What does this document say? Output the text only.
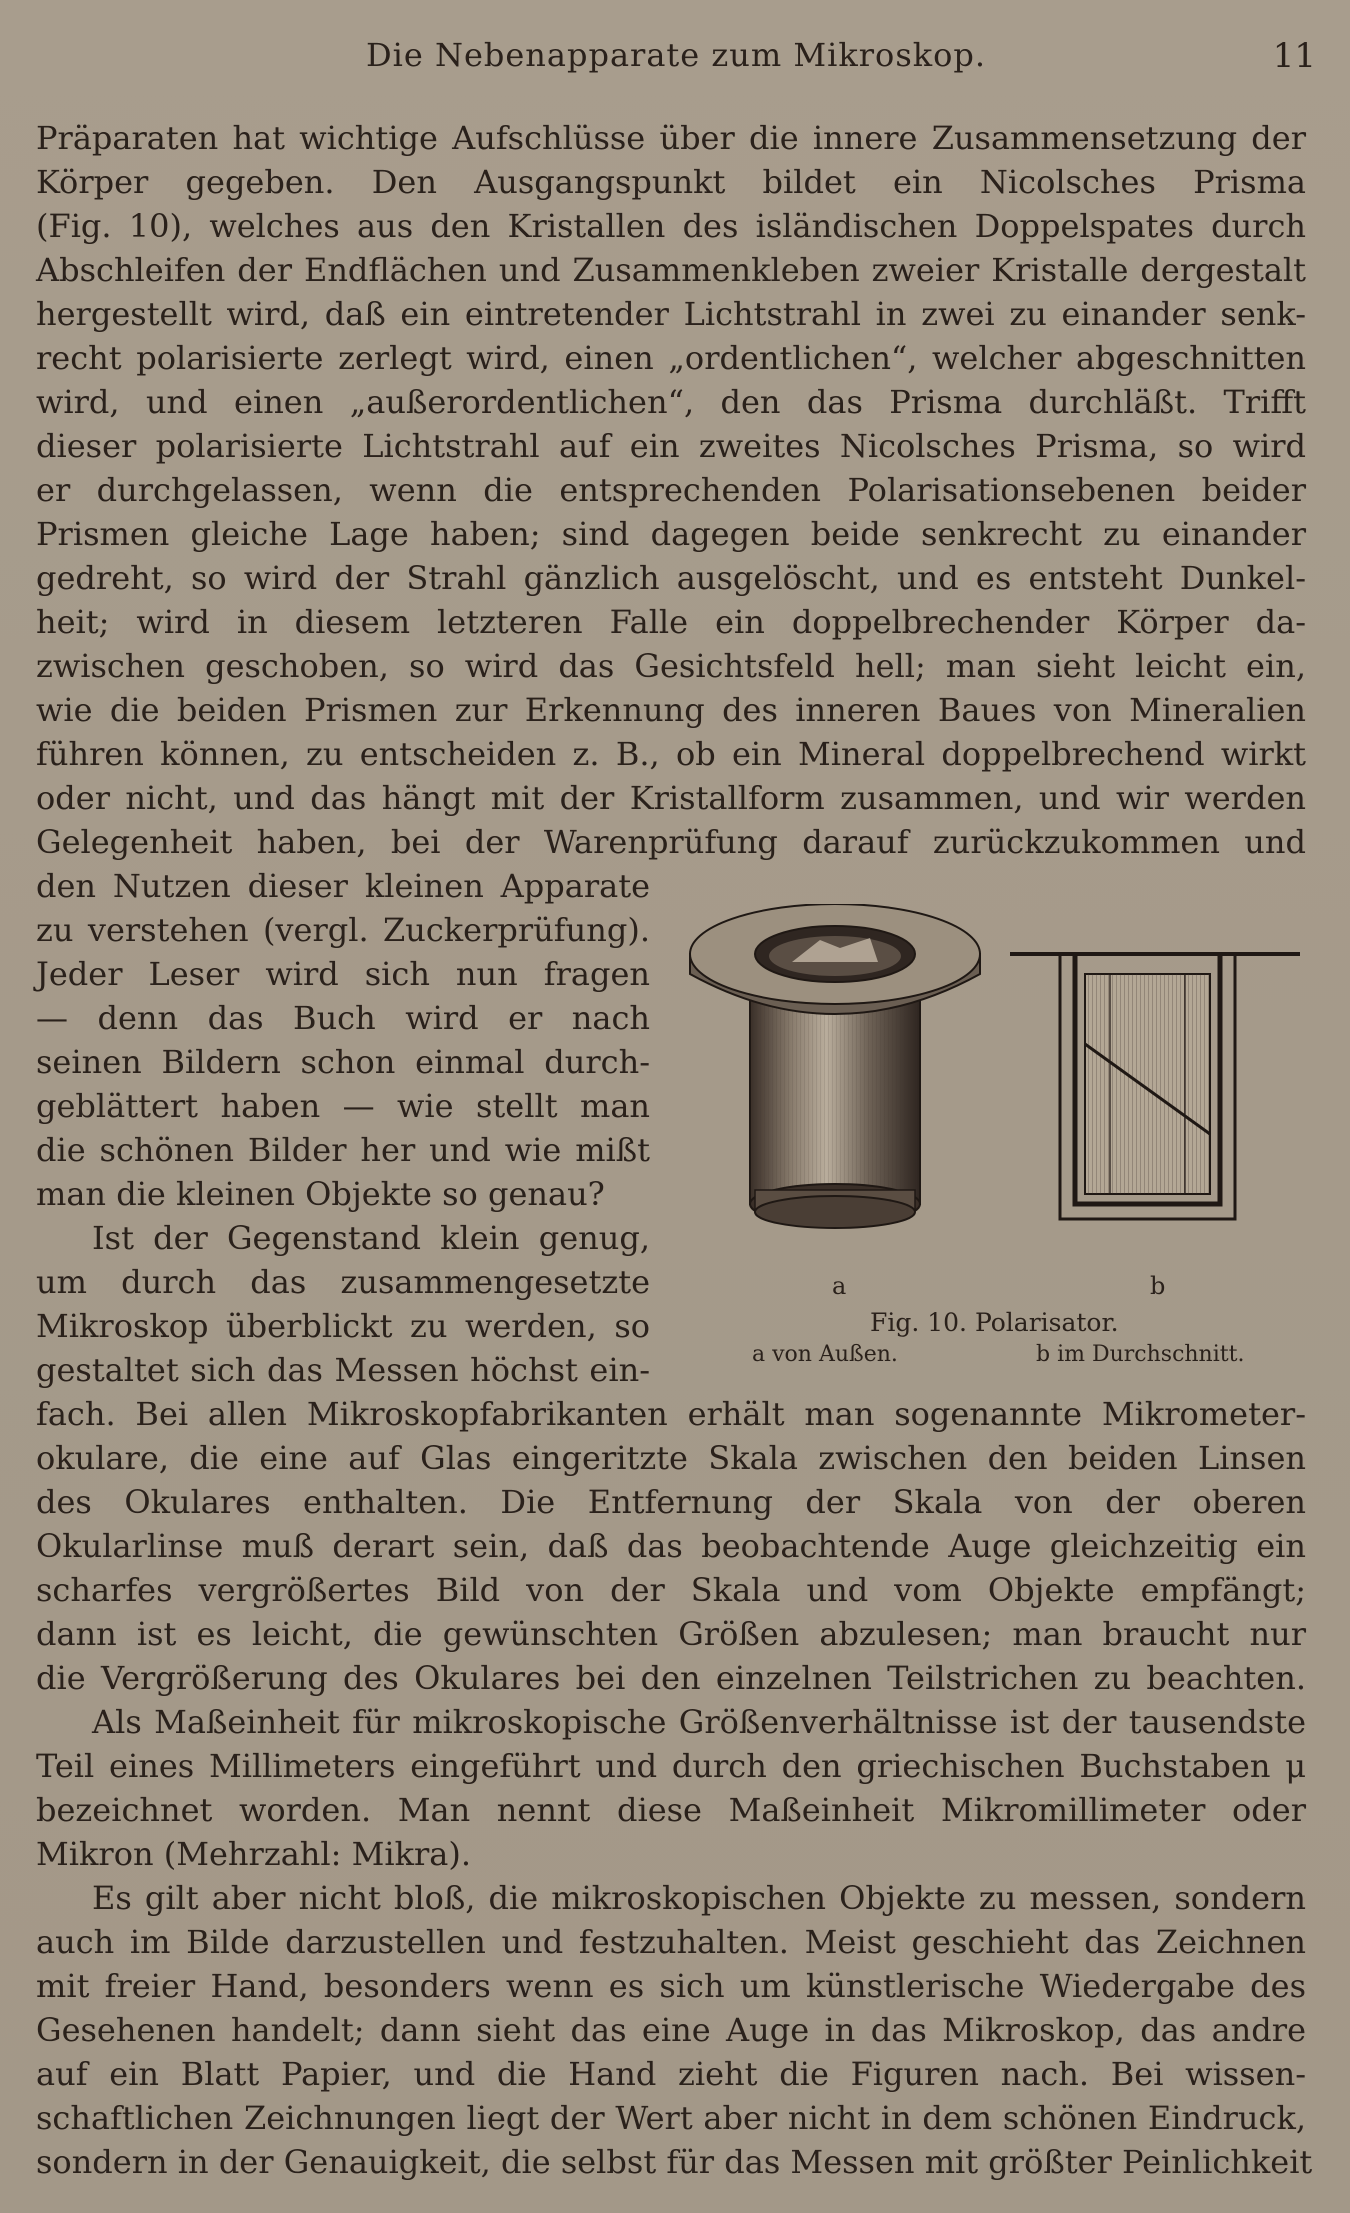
Die Nebenapparate zum Mikroskop.	11
Präparaten hat wichtige Aufschlüsse über die innere Zusammensetzung der
Körper gegeben. Den Ausgangspunkt bildet ein Nicolsches Prisma
(Fig. 10), welches aus den Kristallen des isländischen Doppelspates durch
Abschleifen der Endflächen und Zusammenkleben zweier Kristalle dergestalt
hergestellt wird, daß ein eintretender Lichtstrahl in zwei zu einander senk-
recht polarisierte zerlegt wird, einen „ordentlichen“, welcher abgeschnitten
wird, und einen „außerordentlichen“, den das Prisma durchläßt. Trifft
dieser polarisierte Lichtstrahl auf ein zweites Nicolsches Prisma, so wird
er durchgelassen, wenn die entsprechenden Polarisationsebenen beider
Prismen gleiche Lage haben; sind dagegen beide senkrecht zu einander
gedreht, so wird der Strahl gänzlich ausgelöscht, und es entsteht Dunkel-
heit; wird in diesem letzteren Falle ein doppelbrechender Körper da-
zwischen geschoben, so wird das Gesichtsfeld hell; man sieht leicht ein,
wie die beiden Prismen zur Erkennung des inneren Baues von Mineralien
führen können, zu entscheiden z. B., ob ein Mineral doppelbrechend wirkt
oder nicht, und das hängt mit der Kristallform zusammen, und wir werden
Gelegenheit haben, bei der Warenprüfung darauf zurückzukommen und
den Nutzen dieser kleinen Apparate
zu verstehen (vergl. Zuckerprüfung).
Jeder Leser wird sich nun fragen
— denn das Buch wird er nach
seinen Bildern schon einmal durch-
geblättert haben — wie stellt man
die schönen Bilder her und wie mißt
man die kleinen Objekte so genau?
Ist der Gegenstand klein genug,
um durch das zusammengesetzte
Mikroskop überblickt zu werden, so
gestaltet sich das Messen höchst ein-
fach. Bei allen Mikroskopfabrikanten erhält man sogenannte Mikrometer-
okulare, die eine auf Glas eingeritzte Skala zwischen den beiden Linsen
des Okulares enthalten. Die Entfernung der Skala von der oberen
Okularlinse muß derart sein, daß das beobachtende Auge gleichzeitig ein
scharfes vergrößertes Bild von der Skala und vom Objekte empfängt;
dann ist es leicht, die gewünschten Größen abzulesen; man braucht nur
die Vergrößerung des Okulares bei den einzelnen Teilstrichen zu beachten.
Als Maßeinheit für mikroskopische Größenverhältnisse ist der tausendste
Teil eines Millimeters eingeführt und durch den griechischen Buchstaben μ
bezeichnet worden. Man nennt diese Maßeinheit Mikromillimeter oder
Mikron (Mehrzahl: Mikra).
Es gilt aber nicht bloß, die mikroskopischen Objekte zu messen, sondern
auch im Bilde darzustellen und festzuhalten. Meist geschieht das Zeichnen
mit freier Hand, besonders wenn es sich um künstlerische Wiedergabe des
Gesehenen handelt; dann sieht das eine Auge in das Mikroskop, das andre
auf ein Blatt Papier, und die Hand zieht die Figuren nach. Bei wissen-
schaftlichen Zeichnungen liegt der Wert aber nicht in dem schönen Eindruck,
sondern in der Genauigkeit, die selbst für das Messen mit größter Peinlichkeit
a	b
Fig. 10. Polarisator.
a von Außen.	b im Durchschnitt.
